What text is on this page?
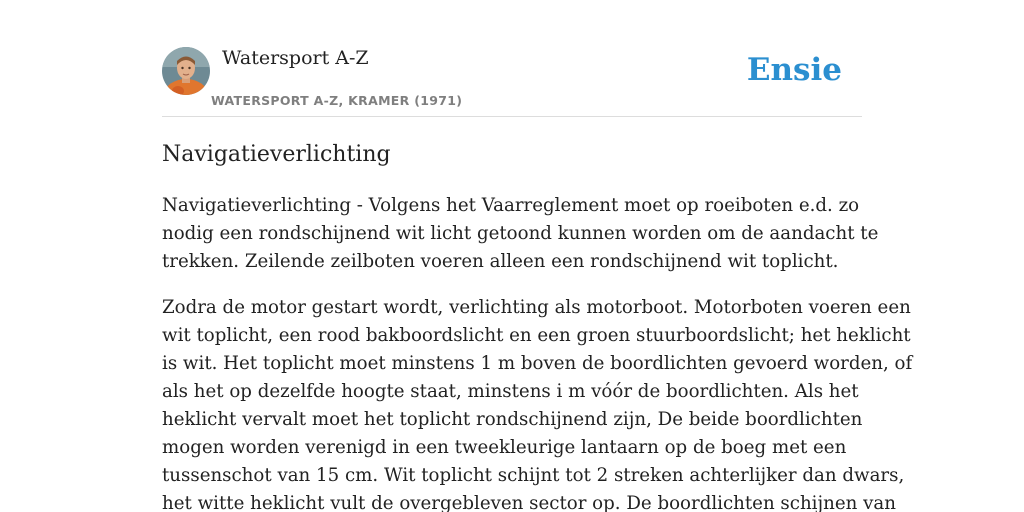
Watersport A-Z
WATERSPORT A-Z, KRAMER (1971)
Ensie
Navigatieverlichting

Navigatieverlichting - Volgens het Vaarreglement moet op roeiboten e.d. zo
nodig een rondschijnend wit licht getoond kunnen worden om de aandacht te
trekken. Zeilende zeilboten voeren alleen een rondschijnend wit toplicht.

Zodra de motor gestart wordt, verlichting als motorboot. Motorboten voeren een
wit toplicht, een rood bakboordslicht en een groen stuurboordslicht; het heklicht
is wit. Het toplicht moet minstens 1 m boven de boordlichten gevoerd worden, of
als het op dezelfde hoogte staat, minstens i m vóór de boordlichten. Als het
heklicht vervalt moet het toplicht rondschijnend zijn, De beide boordlichten
mogen worden verenigd in een tweekleurige lantaarn op de boeg met een
tussenschot van 15 cm. Wit toplicht schijnt tot 2 streken achterlijker dan dwars,
het witte heklicht vult de overgebleven sector op. De boordlichten schijnen van
